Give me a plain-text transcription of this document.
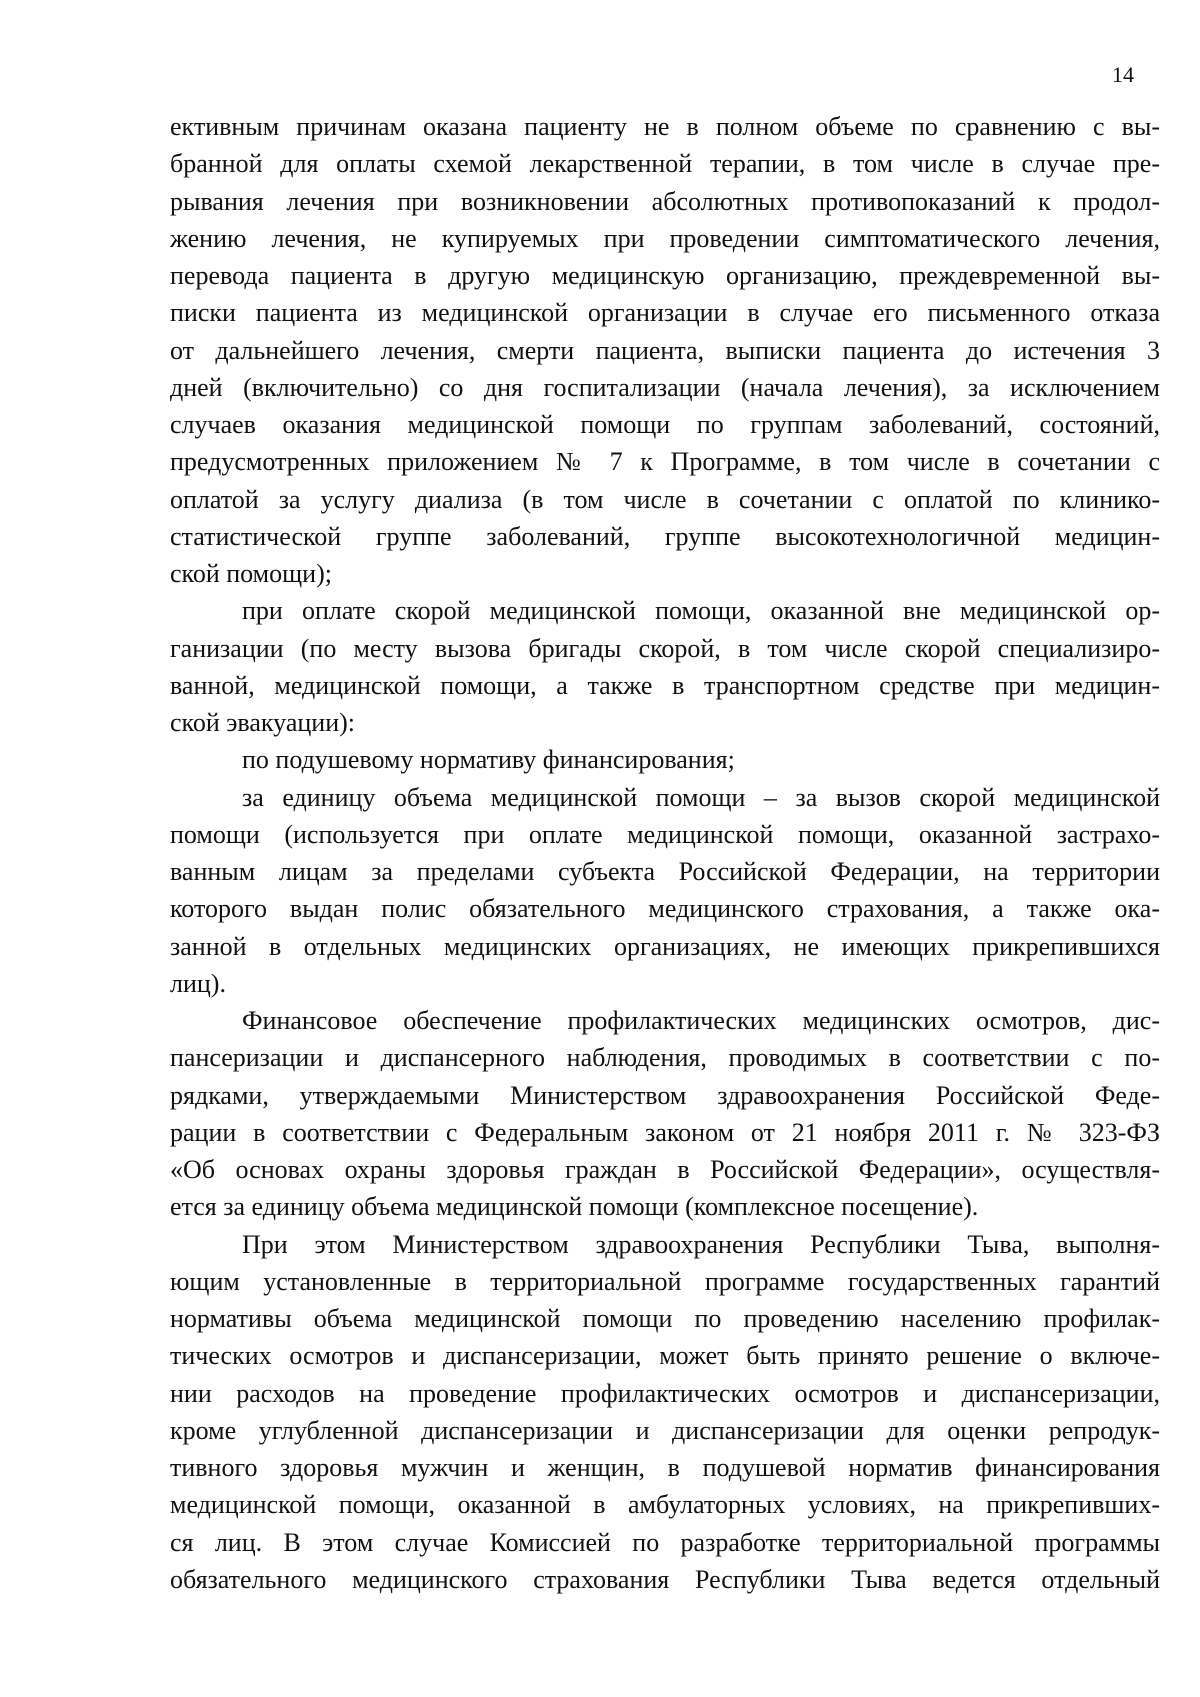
14
ективным причинам оказана пациенту не в полном объеме по сравнению с вы-
бранной для оплаты схемой лекарственной терапии, в том числе в случае пре-
рывания лечения при возникновении абсолютных противопоказаний к продол-
жению лечения, не купируемых при проведении симптоматического лечения,
перевода пациента в другую медицинскую организацию, преждевременной вы-
писки пациента из медицинской организации в случае его письменного отказа
от дальнейшего лечения, смерти пациента, выписки пациента до истечения 3
дней (включительно) со дня госпитализации (начала лечения), за исключением
случаев оказания медицинской помощи по группам заболеваний, состояний,
предусмотренных приложением № 7 к Программе, в том числе в сочетании с
оплатой за услугу диализа (в том числе в сочетании с оплатой по клинико-
статистической группе заболеваний, группе высокотехнологичной медицин-
ской помощи);
при оплате скорой медицинской помощи, оказанной вне медицинской ор-
ганизации (по месту вызова бригады скорой, в том числе скорой специализиро-
ванной, медицинской помощи, а также в транспортном средстве при медицин-
ской эвакуации):
по подушевому нормативу финансирования;
за единицу объема медицинской помощи – за вызов скорой медицинской
помощи (используется при оплате медицинской помощи, оказанной застрахо-
ванным лицам за пределами субъекта Российской Федерации, на территории
которого выдан полис обязательного медицинского страхования, а также ока-
занной в отдельных медицинских организациях, не имеющих прикрепившихся
лиц).
Финансовое обеспечение профилактических медицинских осмотров, дис-
пансеризации и диспансерного наблюдения, проводимых в соответствии с по-
рядками, утверждаемыми Министерством здравоохранения Российской Феде-
рации в соответствии с Федеральным законом от 21 ноября 2011 г. № 323-ФЗ
«Об основах охраны здоровья граждан в Российской Федерации», осуществля-
ется за единицу объема медицинской помощи (комплексное посещение).
При этом Министерством здравоохранения Республики Тыва, выполня-
ющим установленные в территориальной программе государственных гарантий
нормативы объема медицинской помощи по проведению населению профилак-
тических осмотров и диспансеризации, может быть принято решение о включе-
нии расходов на проведение профилактических осмотров и диспансеризации,
кроме углубленной диспансеризации и диспансеризации для оценки репродук-
тивного здоровья мужчин и женщин, в подушевой норматив финансирования
медицинской помощи, оказанной в амбулаторных условиях, на прикрепивших-
ся лиц. В этом случае Комиссией по разработке территориальной программы
обязательного медицинского страхования Республики Тыва ведется отдельный
